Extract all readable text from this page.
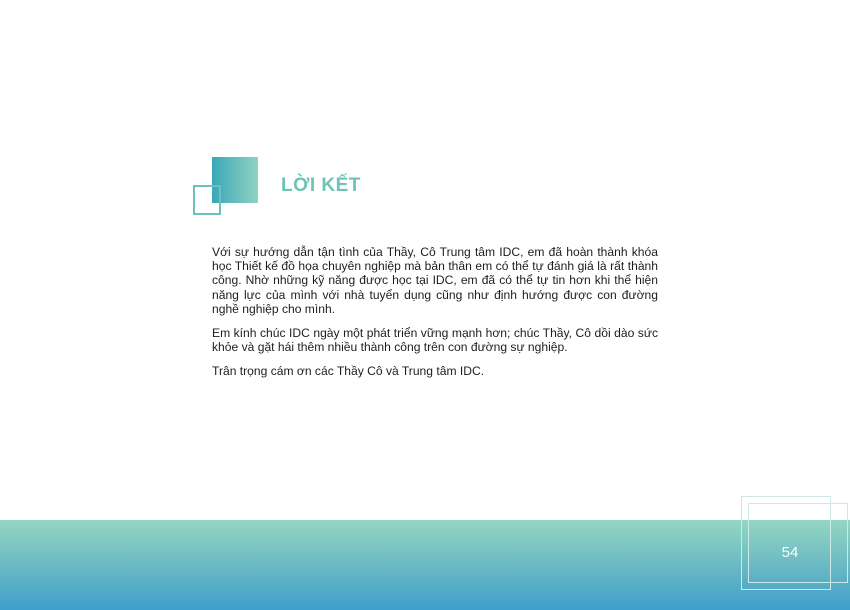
LỜI KẾT

Với sự hướng dẫn tận tình của Thầy, Cô Trung tâm IDC, em đã hoàn thành khóa học Thiết kế đồ họa chuyên nghiệp mà bản thân em có thể tự đánh giá là rất thành công. Nhờ những kỹ năng được học tại IDC, em đã có thể tự tin hơn khi thể hiện năng lực của mình với nhà tuyển dụng cũng như định hướng được con đường nghề nghiệp cho mình.

Em kính chúc IDC ngày một phát triển vững mạnh hơn; chúc Thầy, Cô dồi dào sức khỏe và gặt hái thêm nhiều thành công trên con đường sự nghiệp.

Trân trọng cám ơn các Thầy Cô và Trung tâm IDC.

54
